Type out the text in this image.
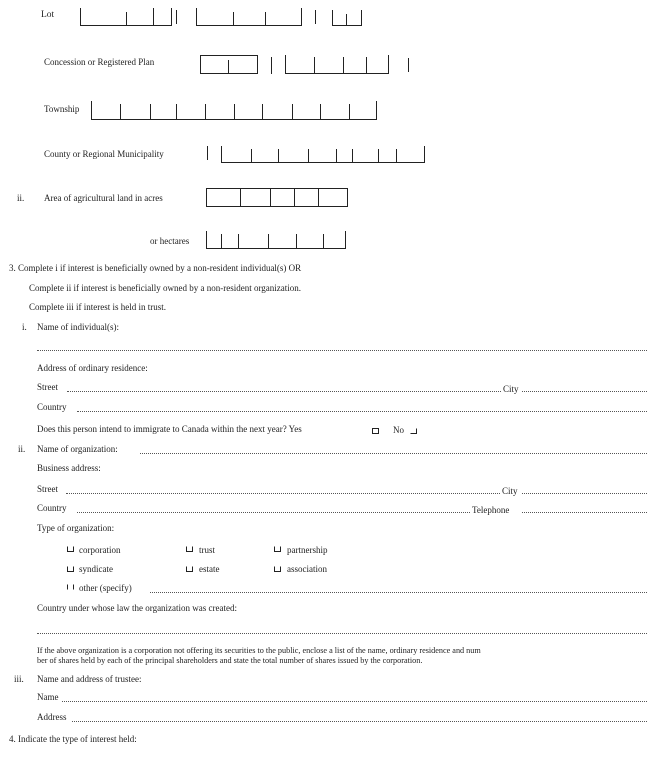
Lot
Concession or Registered Plan
Township
County or Regional Municipality
ii. Area of agricultural land in acres
or hectares
3. Complete i if interest is beneficially owned by a non-resident individual(s) OR
Complete ii if interest is beneficially owned by a non-resident organization.
Complete iii if interest is held in trust.
i. Name of individual(s):
Address of ordinary residence:
Street	City
Country
Does this person intend to immigrate to Canada within the next year? Yes	No
ii. Name of organization:
Business address:
Street	City
Country	Telephone
Type of organization:
corporation	trust	partnership
syndicate	estate	association
other (specify)
Country under whose law the organization was created:
If the above organization is a corporation not offering its securities to the public, enclose a list of the name, ordinary residence and num
ber of shares held by each of the principal shareholders and state the total number of shares issued by the corporation.
iii. Name and address of trustee:
Name
Address
4. Indicate the type of interest held:
